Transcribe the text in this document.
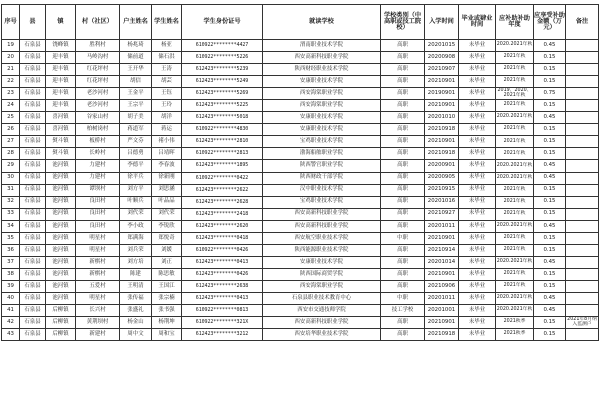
序号	县	镇	村（社区）	户主姓名	学生姓名	学生身份证号	就读学校	学校类别（中高职或技工院校）	入学时间	毕业或肄业时间	应补助补助年度	应享受补助金额（万元）	备注
19	石泉县	饶峰镇	胜利村	杨兆琦	杨亚	610922********4427	渭南职业技术学院	高职	20201015	未毕业	2020.2021年秋	0.45	
20	石泉县	迎丰镇	马岭沟村	储前道	储石洪	610922********5226	西安高新科技职业学院	高职	20200908	未毕业	2021年秋	0.15	
21	石泉县	迎丰镇	红花坪村	王开华	王涛	612423********5239	陕西财经职业技术学院	高职	20210907	未毕业	2021年秋	0.15	
22	石泉县	迎丰镇	红花坪村	胡信	胡芸	612423********5249	安康职业技术学院	高职	20210901	未毕业	2021年秋	0.15	
23	石泉县	迎丰镇	老沙河村	王金平	王钰	612423********5269	西安海棠职业学院	高职	20190901	未毕业	2019、2020、2021年秋	0.75	
24	石泉县	迎丰镇	老沙河村	王宗平	王玲	612423********5225	西安海棠职业学院	高职	20210901	未毕业	2021年秋	0.15	
25	石泉县	喜河镇	谷家山村	胡子美	胡洋	612423********5018	安康职业技术学院	高职	20201010	未毕业	2020.2021年秋	0.45	
26	石泉县	喜河镇	柏树岗村	蒋道军	蒋运	610922********4830	安康职业技术学院	高职	20210918	未毕业	2021年秋	0.15	
27	石泉县	熨斗镇	板桥村	严文芬	褚小伟	612423********2810	宝鸡职业技术学院	高职	20210901	未毕业	2021年秋	0.15	
28	石泉县	熨斗镇	长岭村	吕德勇	吕靖晖	610922********2813	渤海船舶职业学院	高职	20210918	未毕业	2021年秋	0.15	
29	石泉县	池河镇	力建村	李德平	李春波	612423********1895	陕西警官职业学院	高职	20200901	未毕业	2020.2021年秋	0.45	
30	石泉县	池河镇	力建村	徐平兵	徐新刚	610922********0422	陕西财政干部学院	高职	20200905	未毕业	2020.2021年秋	0.45	
31	石泉县	池河镇	谭坝村	刘方平	刘思涵	612423********2622	汉中职业技术学院	高职	20210915	未毕业	2021年秋	0.15	
32	石泉县	池河镇	良田村	叶顺兵	叶品品	612423********2628	宝鸡职业技术学院	高职	20201016	未毕业	2021年秋	0.15	
33	石泉县	池河镇	良田村	刘代荣	刘代荣	612423********2418	西安高新科技职业学院	高职	20210927	未毕业	2021年秋	0.15	
34	石泉县	池河镇	良田村	李小政	李锐欣	612423********2620	西安高新科技职业学院	高职	20201011	未毕业	2020.2021年秋	0.45	
35	石泉县	池河镇	明星村	郑满海	郑悦奇	612423********0418	西安航空职业技术学院	中职	20210901	未毕业	2021年秋	0.15	
36	石泉县	池河镇	明星村	刘兵荣	刘媛	610922********0426	陕西能源职业技术学院	高职	20210914	未毕业	2021年秋	0.15	
37	石泉县	池河镇	新棋村	刘方培	刘正	612423********0413	安康职业技术学院	高职	20201014	未毕业	2020.2021年秋	0.45	
38	石泉县	池河镇	新棋村	陈建	陈思敏	612423********0426	陕西国际商贸学院	高职	20210901	未毕业	2021年秋	0.15	
39	石泉县	池河镇	五爱村	王明清	王国江	612423********2638	西安海棠职业学院	高职	20210906	未毕业	2021年秋	0.15	
40	石泉县	池河镇	明星村	张传福	张宗楠	612423********0413	石泉县职业技术教育中心	中职	20201011	未毕业	2020.2021年秋	0.45	
41	石泉县	后柳镇	长兴村	张盛礼	张书强	610922********0813	西安市交通技师学院	技工学校	20201001	未毕业	2020.2021年秋	0.45	
42	石泉县	后柳镇	黄荆坝村	杨金山	杨荆坤	610922********321X	西安高新科技职业学院	高职	20210901	未毕业	2021秋季	0.15	2021年8月纳入监测户
43	石泉县	后柳镇	新建村	周中文	周和宝	612423********3212	西安培华职业技术学院	高职	20210918	未毕业	2021秋季	0.15	
